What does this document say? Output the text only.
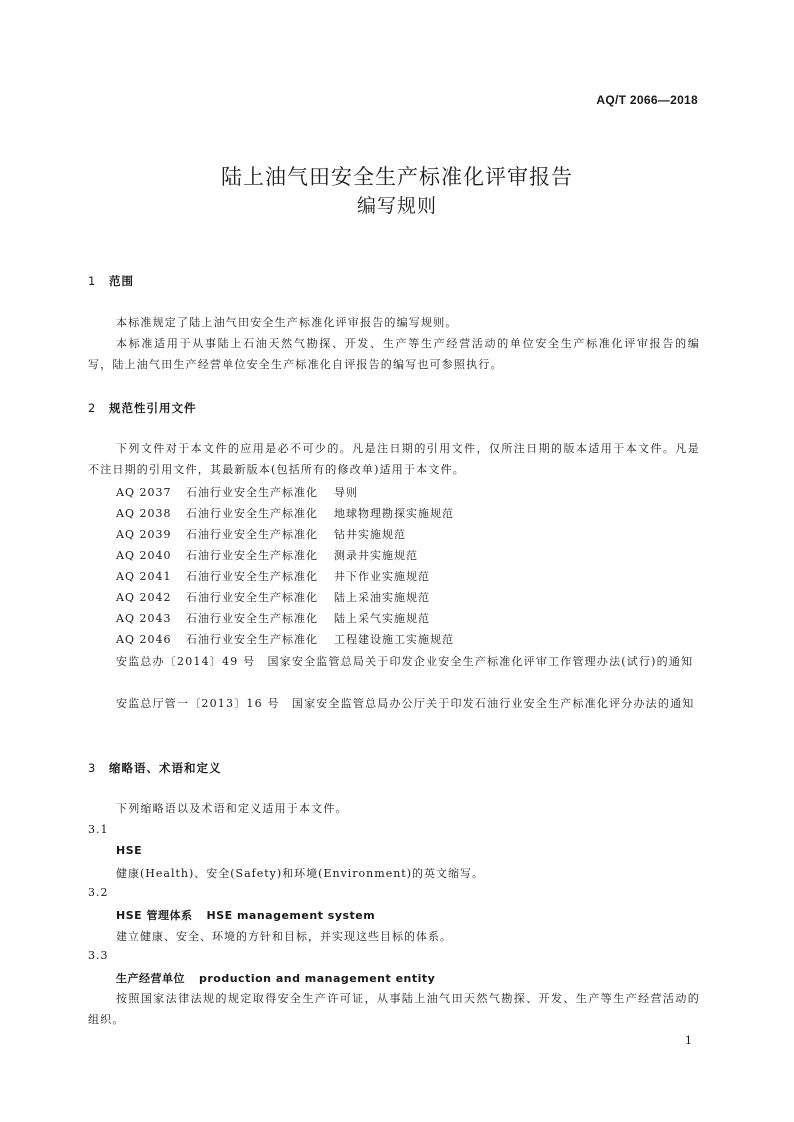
AQ/T 2066—2018
陆上油气田安全生产标准化评审报告
编写规则
1 范围
本标准规定了陆上油气田安全生产标准化评审报告的编写规则。
本标准适用于从事陆上石油天然气勘探、开发、生产等生产经营活动的单位安全生产标准化评审报告的编写，陆上油气田生产经营单位安全生产标准化自评报告的编写也可参照执行。
2 规范性引用文件
下列文件对于本文件的应用是必不可少的。凡是注日期的引用文件，仅所注日期的版本适用于本文件。凡是不注日期的引用文件，其最新版本(包括所有的修改单)适用于本文件。
AQ 2037 石油行业安全生产标准化 导则
AQ 2038 石油行业安全生产标准化 地球物理勘探实施规范
AQ 2039 石油行业安全生产标准化 钻井实施规范
AQ 2040 石油行业安全生产标准化 测录井实施规范
AQ 2041 石油行业安全生产标准化 井下作业实施规范
AQ 2042 石油行业安全生产标准化 陆上采油实施规范
AQ 2043 石油行业安全生产标准化 陆上采气实施规范
AQ 2046 石油行业安全生产标准化 工程建设施工实施规范
安监总办〔2014〕49 号　国家安全监管总局关于印发企业安全生产标准化评审工作管理办法(试行)的通知
安监总厅管一〔2013〕16 号　国家安全监管总局办公厅关于印发石油行业安全生产标准化评分办法的通知
3 缩略语、术语和定义
下列缩略语以及术语和定义适用于本文件。
3.1
HSE
健康(Health)、安全(Safety)和环境(Environment)的英文缩写。
3.2
HSE 管理体系 HSE management system
建立健康、安全、环境的方针和目标，并实现这些目标的体系。
3.3
生产经营单位 production and management entity
按照国家法律法规的规定取得安全生产许可证，从事陆上油气田天然气勘探、开发、生产等生产经营活动的组织。
1
